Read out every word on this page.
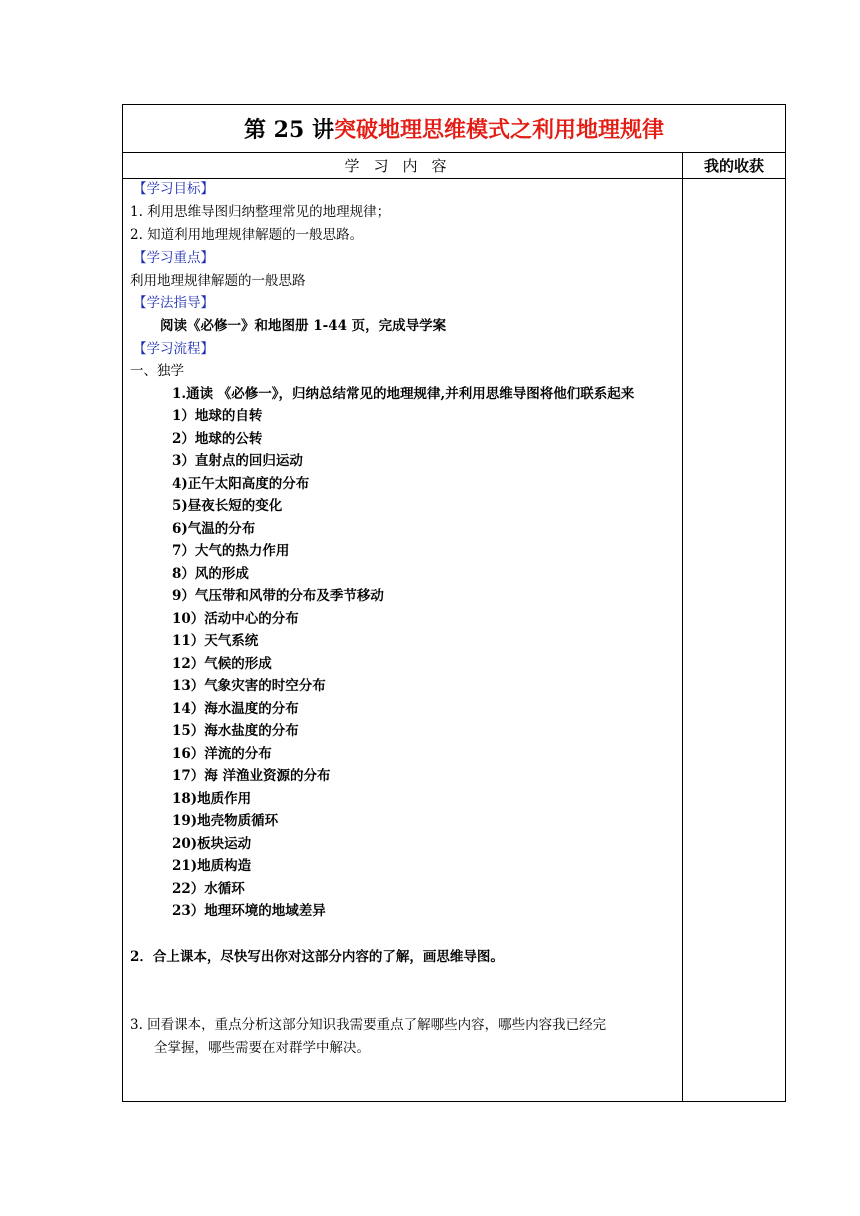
第 25 讲 突破地理思维模式之利用地理规律
学习内容	我的收获
【学习目标】
1. 利用思维导图归纳整理常见的地理规律；
2. 知道利用地理规律解题的一般思路。
【学习重点】
利用地理规律解题的一般思路
【学法指导】
阅读《必修一》和地图册 1-44 页，完成导学案
【学习流程】
一、独学
1.通读 《必修一》，归纳总结常见的地理规律,并利用思维导图将他们联系起来
1）地球的自转
2）地球的公转
3）直射点的回归运动
4)正午太阳高度的分布
5)昼夜长短的变化
6)气温的分布
7）大气的热力作用
8）风的形成
9）气压带和风带的分布及季节移动
10）活动中心的分布
11）天气系统
12）气候的形成
13）气象灾害的时空分布
14）海水温度的分布
15）海水盐度的分布
16）洋流的分布
17）海 洋渔业资源的分布
18)地质作用
19)地壳物质循环
20)板块运动
21)地质构造
22）水循环
23）地理环境的地域差异
2．合上课本，尽快写出你对这部分内容的了解，画思维导图。
3. 回看课本，重点分析这部分知识我需要重点了解哪些内容，哪些内容我已经完
全掌握，哪些需要在对群学中解决。
